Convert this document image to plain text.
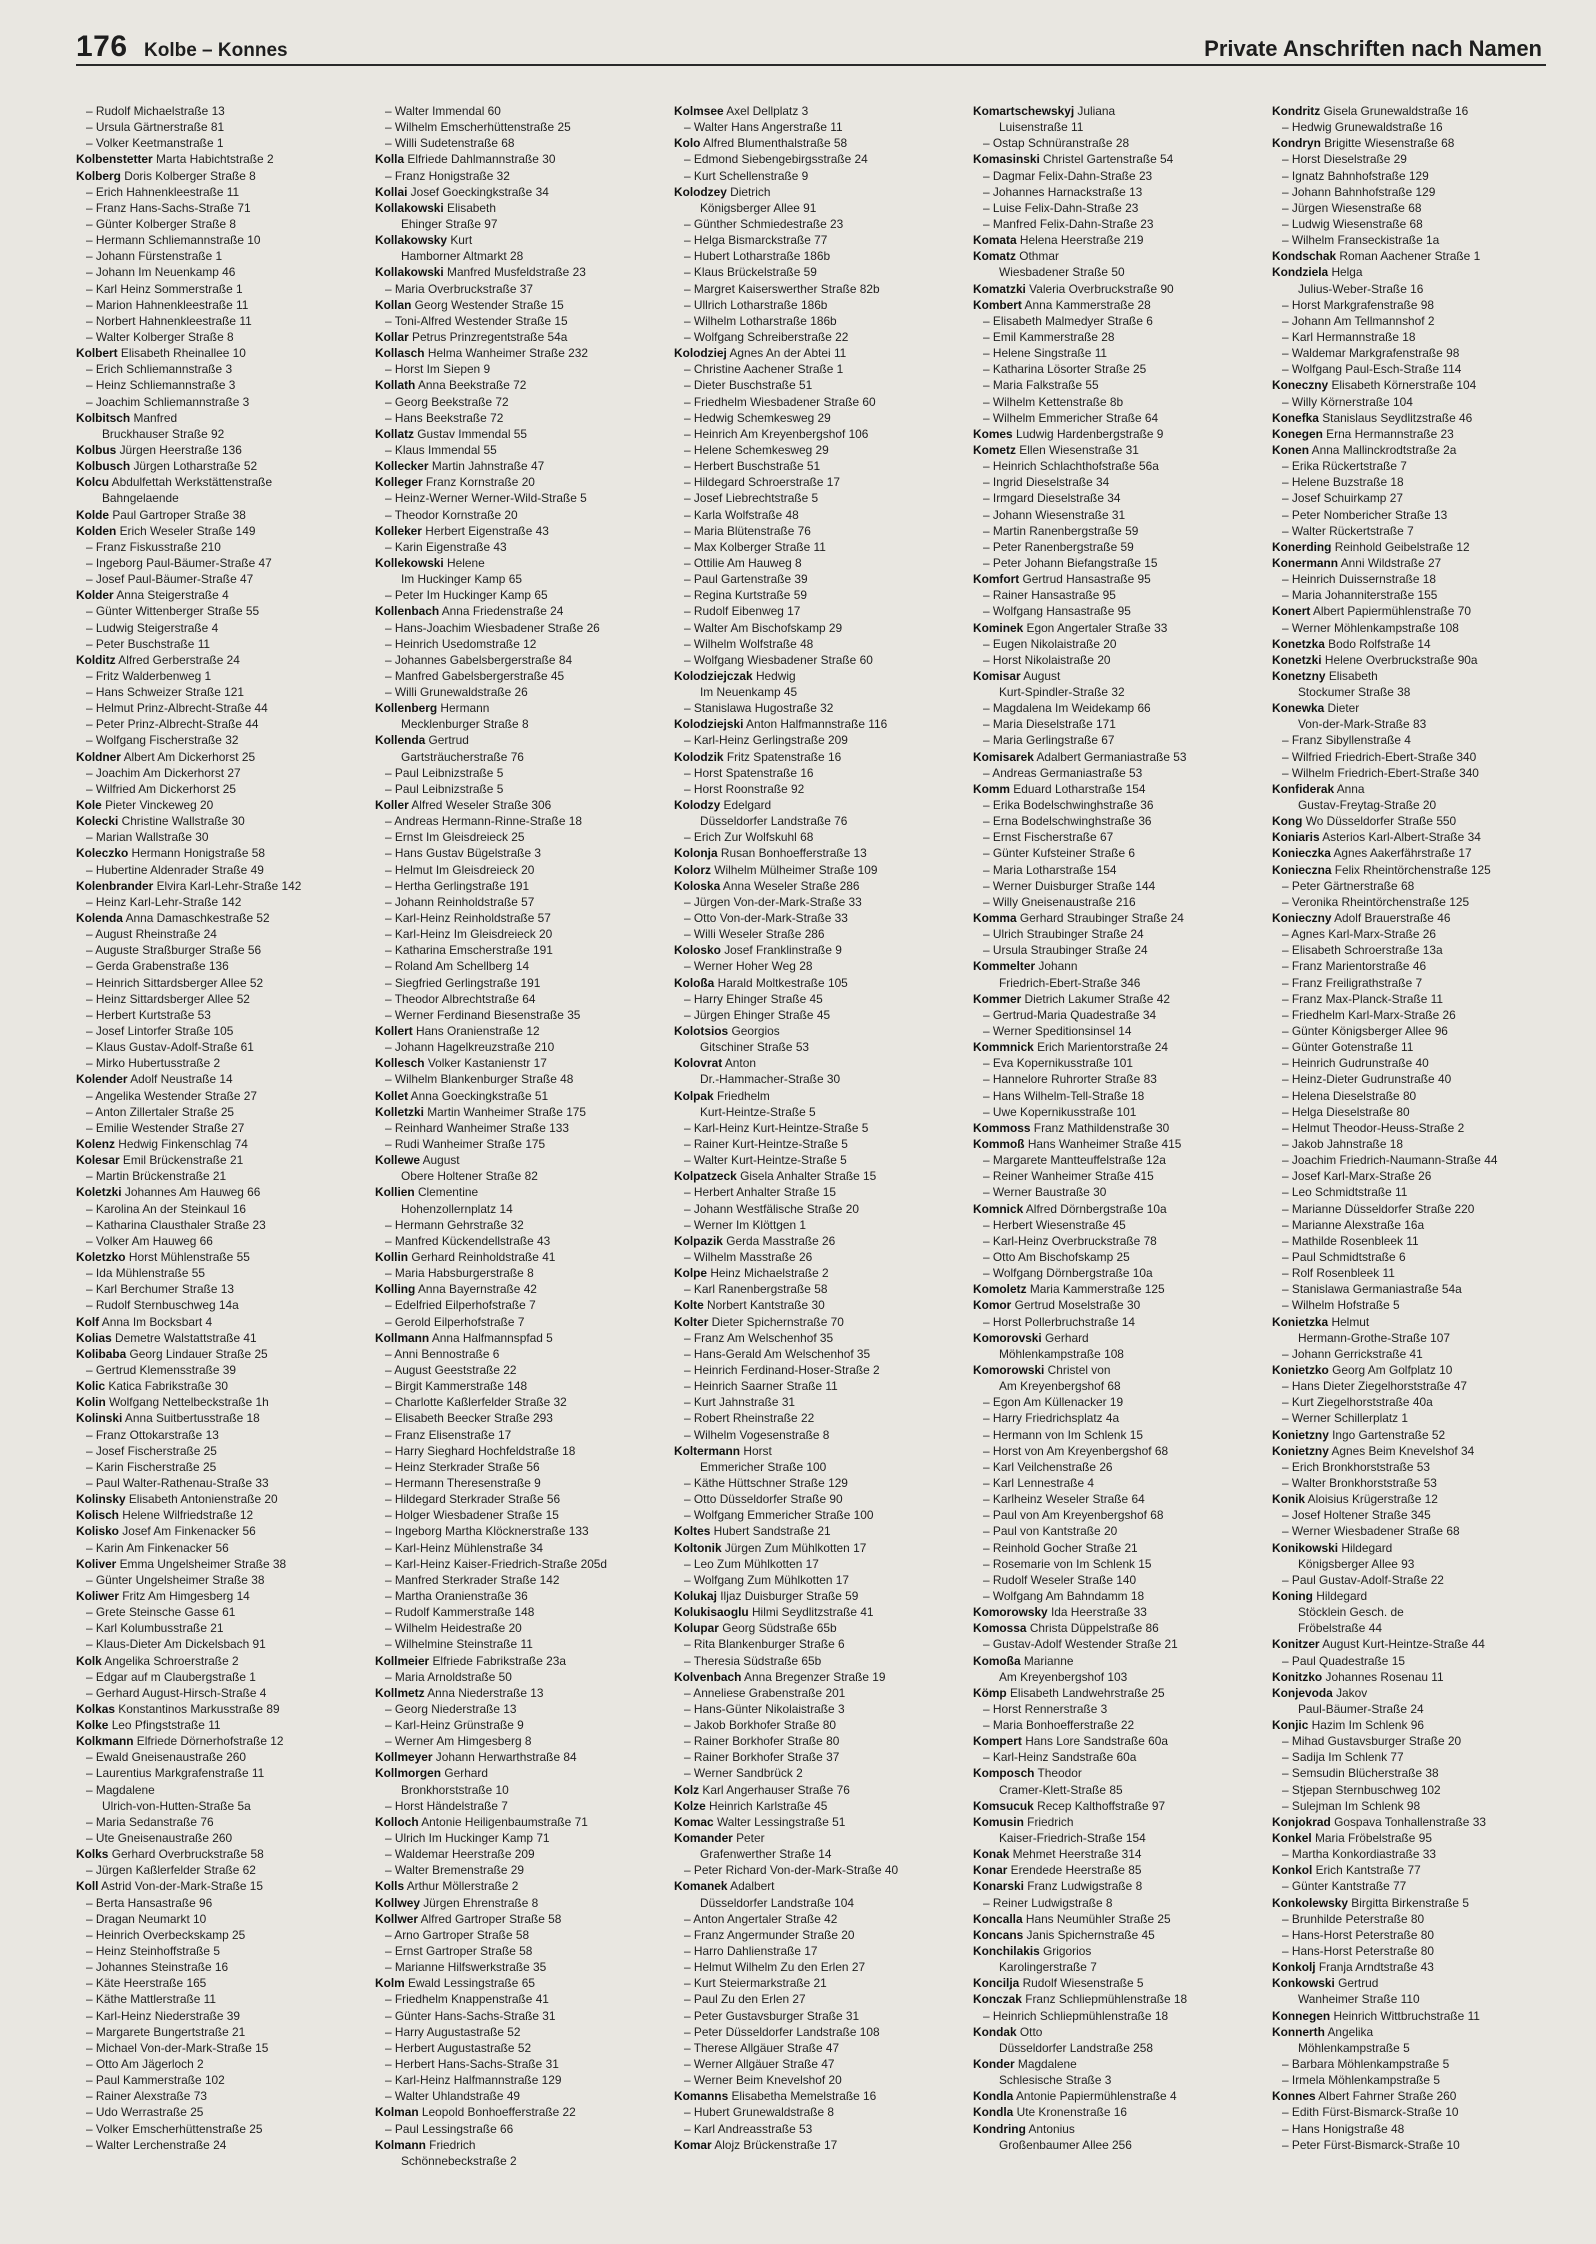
176 Kolbe – Konnes	Private Anschriften nach Namen
– Rudolf Michaelstraße 13
– Ursula Gärtnerstraße 81
– Volker Keetmanstraße 1
Kolbenstetter Marta Habichtstraße 2
Kolberg Doris Kolberger Straße 8
– Erich Hahnenkleestraße 11
– Franz Hans-Sachs-Straße 71
– Günter Kolberger Straße 8
– Hermann Schliemannstraße 10
– Johann Fürstenstraße 1
– Johann Im Neuenkamp 46
– Karl Heinz Sommerstraße 1
– Marion Hahnenkleestraße 11
– Norbert Hahnenkleestraße 11
– Walter Kolberger Straße 8
Kolbert Elisabeth Rheinallee 10
– Erich Schliemannstraße 3
– Heinz Schliemannstraße 3
– Joachim Schliemannstraße 3
Kolbitsch Manfred
Bruckhauser Straße 92
Kolbus Jürgen Heerstraße 136
Kolbusch Jürgen Lotharstraße 52
Kolcu Abdulfettah Werkstättenstraße
Bahngelaende
Kolde Paul Gartroper Straße 38
Kolden Erich Weseler Straße 149
– Franz Fiskusstraße 210
– Ingeborg Paul-Bäumer-Straße 47
– Josef Paul-Bäumer-Straße 47
Kolder Anna Steigerstraße 4
– Günter Wittenberger Straße 55
– Ludwig Steigerstraße 4
– Peter Buschstraße 11
Kolditz Alfred Gerberstraße 24
– Fritz Walderbenweg 1
– Hans Schweizer Straße 121
– Helmut Prinz-Albrecht-Straße 44
– Peter Prinz-Albrecht-Straße 44
– Wolfgang Fischerstraße 32
Koldner Albert Am Dickerhorst 25
– Joachim Am Dickerhorst 27
– Wilfried Am Dickerhorst 25
Kole Pieter Vinckeweg 20
Kolecki Christine Wallstraße 30
– Marian Wallstraße 30
Koleczko Hermann Honigstraße 58
– Hubertine Aldenrader Straße 49
Kolenbrander Elvira Karl-Lehr-Straße 142
– Heinz Karl-Lehr-Straße 142
Kolenda Anna Damaschkestraße 52
– August Rheinstraße 24
– Auguste Straßburger Straße 56
– Gerda Grabenstraße 136
– Heinrich Sittardsberger Allee 52
– Heinz Sittardsberger Allee 52
– Herbert Kurtstraße 53
– Josef Lintorfer Straße 105
– Klaus Gustav-Adolf-Straße 61
– Mirko Hubertusstraße 2
Kolender Adolf Neustraße 14
– Angelika Westender Straße 27
– Anton Zillertaler Straße 25
– Emilie Westender Straße 27
Kolenz Hedwig Finkenschlag 74
Kolesar Emil Brückenstraße 21
– Martin Brückenstraße 21
Koletzki Johannes Am Hauweg 66
– Karolina An der Steinkaul 16
– Katharina Clausthaler Straße 23
– Volker Am Hauweg 66
Koletzko Horst Mühlenstraße 55
– Ida Mühlenstraße 55
– Karl Berchumer Straße 13
– Rudolf Sternbuschweg 14a
Kolf Anna Im Bocksbart 4
Kolias Demetre Walstattstraße 41
Kolibaba Georg Lindauer Straße 25
– Gertrud Klemensstraße 39
Kolic Katica Fabrikstraße 30
Kolin Wolfgang Nettelbeckstraße 1h
Kolinski Anna Suitbertusstraße 18
– Franz Ottokarstraße 13
– Josef Fischerstraße 25
– Karin Fischerstraße 25
– Paul Walter-Rathenau-Straße 33
Kolinsky Elisabeth Antonienstraße 20
Kolisch Helene Wilfriedstraße 12
Kolisko Josef Am Finkenacker 56
– Karin Am Finkenacker 56
Koliver Emma Ungelsheimer Straße 38
– Günter Ungelsheimer Straße 38
Koliwer Fritz Am Himgesberg 14
– Grete Steinsche Gasse 61
– Karl Kolumbusstraße 21
– Klaus-Dieter Am Dickelsbach 91
Kolk Angelika Schroerstraße 2
– Edgar auf m Claubergstraße 1
– Gerhard August-Hirsch-Straße 4
Kolkas Konstantinos Markusstraße 89
Kolke Leo Pfingststraße 11
Kolkmann Elfriede Dörnerhofstraße 12
– Ewald Gneisenaustraße 260
– Laurentius Markgrafenstraße 11
– Magdalene
Ulrich-von-Hutten-Straße 5a
– Maria Sedanstraße 76
– Ute Gneisenaustraße 260
Kolks Gerhard Overbruckstraße 58
– Jürgen Kaßlerfelder Straße 62
Koll Astrid Von-der-Mark-Straße 15
– Berta Hansastraße 96
– Dragan Neumarkt 10
– Heinrich Overbeckskamp 25
– Heinz Steinhoffstraße 5
– Johannes Steinstraße 16
– Käte Heerstraße 165
– Käthe Mattlerstraße 11
– Karl-Heinz Niederstraße 39
– Margarete Bungertstraße 21
– Michael Von-der-Mark-Straße 15
– Otto Am Jägerloch 2
– Paul Kammerstraße 102
– Rainer Alexstraße 73
– Udo Werrastraße 25
– Volker Emscherhüttenstraße 25
– Walter Lerchenstraße 24
– Walter Immendal 60
– Wilhelm Emscherhüttenstraße 25
– Willi Sudetenstraße 68
Kolla Elfriede Dahlmannstraße 30
– Franz Honigstraße 32
Kollai Josef Goeckingkstraße 34
Kollakowski Elisabeth
Ehinger Straße 97
Kollakowsky Kurt
Hamborner Altmarkt 28
Kollakowski Manfred Musfeldstraße 23
– Maria Overbruckstraße 37
Kollan Georg Westender Straße 15
– Toni-Alfred Westender Straße 15
Kollar Petrus Prinzregentstraße 54a
Kollasch Helma Wanheimer Straße 232
– Horst Im Siepen 9
Kollath Anna Beekstraße 72
– Georg Beekstraße 72
– Hans Beekstraße 72
Kollatz Gustav Immendal 55
– Klaus Immendal 55
Kollecker Martin Jahnstraße 47
Kolleger Franz Kornstraße 20
– Heinz-Werner Werner-Wild-Straße 5
– Theodor Kornstraße 20
Kolleker Herbert Eigenstraße 43
– Karin Eigenstraße 43
Kollekowski Helene
Im Huckinger Kamp 65
– Peter Im Huckinger Kamp 65
Kollenbach Anna Friedenstraße 24
– Hans-Joachim Wiesbadener Straße 26
– Heinrich Usedomstraße 12
– Johannes Gabelsbergerstraße 84
– Manfred Gabelsbergerstraße 45
– Willi Grunewaldstraße 26
Kollenberg Hermann
Mecklenburger Straße 8
Kollenda Gertrud
Gartsträucherstraße 76
– Paul Leibnizstraße 5
– Paul Leibnizstraße 5
Koller Alfred Weseler Straße 306
– Andreas Hermann-Rinne-Straße 18
– Ernst Im Gleisdreieck 25
– Hans Gustav Bügelstraße 3
– Helmut Im Gleisdreieck 20
– Hertha Gerlingstraße 191
– Johann Reinholdstraße 57
– Karl-Heinz Reinholdstraße 57
– Karl-Heinz Im Gleisdreieck 20
– Katharina Emscherstraße 191
– Roland Am Schellberg 14
– Siegfried Gerlingstraße 191
– Theodor Albrechtstraße 64
– Werner Ferdinand Biesenstraße 35
Kollert Hans Oranienstraße 12
– Johann Hagelkreuzstraße 210
Kollesch Volker Kastanienstr 17
– Wilhelm Blankenburger Straße 48
Kollet Anna Goeckingkstraße 51
Kolletzki Martin Wanheimer Straße 175
– Reinhard Wanheimer Straße 133
– Rudi Wanheimer Straße 175
Kollewe August
Obere Holtener Straße 82
Kollien Clementine
Hohenzollernplatz 14
– Hermann Gehrstraße 32
– Manfred Kückendellstraße 43
Kollin Gerhard Reinholdstraße 41
– Maria Habsburgerstraße 8
Kolling Anna Bayernstraße 42
– Edelfried Eilperhofstraße 7
– Gerold Eilperhofstraße 7
Kollmann Anna Halfmannspfad 5
– Anni Bennostraße 6
– August Geeststraße 22
– Birgit Kammerstraße 148
– Charlotte Kaßlerfelder Straße 32
– Elisabeth Beecker Straße 293
– Franz Elisenstraße 17
– Harry Sieghard Hochfeldstraße 18
– Heinz Sterkrader Straße 56
– Hermann Theresenstraße 9
– Hildegard Sterkrader Straße 56
– Holger Wiesbadener Straße 15
– Ingeborg Martha Klöcknerstraße 133
– Karl-Heinz Mühlenstraße 34
– Karl-Heinz Kaiser-Friedrich-Straße 205d
– Manfred Sterkrader Straße 142
– Martha Oranienstraße 36
– Rudolf Kammerstraße 148
– Wilhelm Heidestraße 20
– Wilhelmine Steinstraße 11
Kollmeier Elfriede Fabrikstraße 23a
– Maria Arnoldstraße 50
Kollmetz Anna Niederstraße 13
– Georg Niederstraße 13
– Karl-Heinz Grünstraße 9
– Werner Am Himgesberg 8
Kollmeyer Johann Herwarthstraße 84
Kollmorgen Gerhard
Bronkhorststraße 10
– Horst Händelstraße 7
Kolloch Antonie Heiligenbaumstraße 71
– Ulrich Im Huckinger Kamp 71
– Waldemar Heerstraße 209
– Walter Bremenstraße 29
Kolls Arthur Möllerstraße 2
Kollwey Jürgen Ehrenstraße 8
Kollwer Alfred Gartroper Straße 58
– Arno Gartroper Straße 58
– Ernst Gartroper Straße 58
– Marianne Hilfswerkstraße 35
Kolm Ewald Lessingstraße 65
– Friedhelm Knappenstraße 41
– Günter Hans-Sachs-Straße 31
– Harry Augustastraße 52
– Herbert Augustastraße 52
– Herbert Hans-Sachs-Straße 31
– Karl-Heinz Halfmannstraße 129
– Walter Uhlandstraße 49
Kolman Leopold Bonhoefferstraße 22
– Paul Lessingstraße 66
Kolmann Friedrich
Schönnebeckstraße 2
Kolmsee Axel Dellplatz 3
– Walter Hans Angerstraße 11
Kolo Alfred Blumenthalstraße 58
– Edmond Siebengebirgsstraße 24
– Kurt Schellenstraße 9
Kolodzey Dietrich
Königsberger Allee 91
– Günther Schmiedestraße 23
– Helga Bismarckstraße 77
– Hubert Lotharstraße 186b
– Klaus Brückelstraße 59
– Margret Kaiserswerther Straße 82b
– Ullrich Lotharstraße 186b
– Wilhelm Lotharstraße 186b
– Wolfgang Schreiberstraße 22
Kolodziej Agnes An der Abtei 11
– Christine Aachener Straße 1
– Dieter Buschstraße 51
– Friedhelm Wiesbadener Straße 60
– Hedwig Schemkesweg 29
– Heinrich Am Kreyenbergshof 106
– Helene Schemkesweg 29
– Herbert Buschstraße 51
– Hildegard Schroerstraße 17
– Josef Liebrechtstraße 5
– Karla Wolfstraße 48
– Maria Blütenstraße 76
– Max Kolberger Straße 11
– Ottilie Am Hauweg 8
– Paul Gartenstraße 39
– Regina Kurtstraße 59
– Rudolf Eibenweg 17
– Walter Am Bischofskamp 29
– Wilhelm Wolfstraße 48
– Wolfgang Wiesbadener Straße 60
Kolodziejczak Hedwig
Im Neuenkamp 45
– Stanislawa Hugostraße 32
Kolodziejski Anton Halfmannstraße 116
– Karl-Heinz Gerlingstraße 209
Kolodzik Fritz Spatenstraße 16
– Horst Spatenstraße 16
– Horst Roonstraße 92
Kolodzy Edelgard
Düsseldorfer Landstraße 76
– Erich Zur Wolfskuhl 68
Kolonja Rusan Bonhoefferstraße 13
Kolorz Wilhelm Mülheimer Straße 109
Koloska Anna Weseler Straße 286
– Jürgen Von-der-Mark-Straße 33
– Otto Von-der-Mark-Straße 33
– Willi Weseler Straße 286
Kolosko Josef Franklinstraße 9
– Werner Hoher Weg 28
Koloßa Harald Moltkestraße 105
– Harry Ehinger Straße 45
– Jürgen Ehinger Straße 45
Kolotsios Georgios
Gitschiner Straße 53
Kolovrat Anton
Dr.-Hammacher-Straße 30
Kolpak Friedhelm
Kurt-Heintze-Straße 5
– Karl-Heinz Kurt-Heintze-Straße 5
– Rainer Kurt-Heintze-Straße 5
– Walter Kurt-Heintze-Straße 5
Kolpatzeck Gisela Anhalter Straße 15
– Herbert Anhalter Straße 15
– Johann Westfälische Straße 20
– Werner Im Klöttgen 1
Kolpazik Gerda Masstraße 26
– Wilhelm Masstraße 26
Kolpe Heinz Michaelstraße 2
– Karl Ranenbergstraße 58
Kolte Norbert Kantstraße 30
Kolter Dieter Spichernstraße 70
– Franz Am Welschenhof 35
– Hans-Gerald Am Welschenhof 35
– Heinrich Ferdinand-Hoser-Straße 2
– Heinrich Saarner Straße 11
– Kurt Jahnstraße 31
– Robert Rheinstraße 22
– Wilhelm Vogesenstraße 8
Koltermann Horst
Emmericher Straße 100
– Käthe Hüttschner Straße 129
– Otto Düsseldorfer Straße 90
– Wolfgang Emmericher Straße 100
Koltes Hubert Sandstraße 21
Koltonik Jürgen Zum Mühlkotten 17
– Leo Zum Mühlkotten 17
– Wolfgang Zum Mühlkotten 17
Kolukaj Iljaz Duisburger Straße 59
Kolukisaoglu Hilmi Seydlitzstraße 41
Kolupar Georg Südstraße 65b
– Rita Blankenburger Straße 6
– Theresia Südstraße 65b
Kolvenbach Anna Bregenzer Straße 19
– Anneliese Grabenstraße 201
– Hans-Günter Nikolaistraße 3
– Jakob Borkhofer Straße 80
– Rainer Borkhofer Straße 80
– Rainer Borkhofer Straße 37
– Werner Sandbrück 2
Kolz Karl Angerhauser Straße 76
Kolze Heinrich Karlstraße 45
Komac Walter Lessingstraße 51
Komander Peter
Grafenwerther Straße 14
– Peter Richard Von-der-Mark-Straße 40
Komanek Adalbert
Düsseldorfer Landstraße 104
– Anton Angertaler Straße 42
– Franz Angermunder Straße 20
– Harro Dahlienstraße 17
– Helmut Wilhelm Zu den Erlen 27
– Kurt Steiermarkstraße 21
– Paul Zu den Erlen 27
– Peter Gustavsburger Straße 31
– Peter Düsseldorfer Landstraße 108
– Therese Allgäuer Straße 47
– Werner Allgäuer Straße 47
– Werner Beim Knevelshof 20
Komanns Elisabetha Memelstraße 16
– Hubert Grunewaldstraße 8
– Karl Andreasstraße 53
Komar Alojz Brückenstraße 17
Komartschewskyj Juliana
Luisenstraße 11
– Ostap Schnüranstraße 28
Komasinski Christel Gartenstraße 54
– Dagmar Felix-Dahn-Straße 23
– Johannes Harnackstraße 13
– Luise Felix-Dahn-Straße 23
– Manfred Felix-Dahn-Straße 23
Komata Helena Heerstraße 219
Komatz Othmar
Wiesbadener Straße 50
Komatzki Valeria Overbruckstraße 90
Kombert Anna Kammerstraße 28
– Elisabeth Malmedyer Straße 6
– Emil Kammerstraße 28
– Helene Singstraße 11
– Katharina Lösorter Straße 25
– Maria Falkstraße 55
– Wilhelm Kettenstraße 8b
– Wilhelm Emmericher Straße 64
Komes Ludwig Hardenbergstraße 9
Kometz Ellen Wiesenstraße 31
– Heinrich Schlachthofstraße 56a
– Ingrid Dieselstraße 34
– Irmgard Dieselstraße 34
– Johann Wiesenstraße 31
– Martin Ranenbergstraße 59
– Peter Ranenbergstraße 59
– Peter Johann Biefangstraße 15
Komfort Gertrud Hansastraße 95
– Rainer Hansastraße 95
– Wolfgang Hansastraße 95
Kominek Egon Angertaler Straße 33
– Eugen Nikolaistraße 20
– Horst Nikolaistraße 20
Komisar August
Kurt-Spindler-Straße 32
– Magdalena Im Weidekamp 66
– Maria Dieselstraße 171
– Maria Gerlingstraße 67
Komisarek Adalbert Germaniastraße 53
– Andreas Germaniastraße 53
Komm Eduard Lotharstraße 154
– Erika Bodelschwinghstraße 36
– Erna Bodelschwinghstraße 36
– Ernst Fischerstraße 67
– Günter Kufsteiner Straße 6
– Maria Lotharstraße 154
– Werner Duisburger Straße 144
– Willy Gneisenaustraße 216
Komma Gerhard Straubinger Straße 24
– Ulrich Straubinger Straße 24
– Ursula Straubinger Straße 24
Kommelter Johann
Friedrich-Ebert-Straße 346
Kommer Dietrich Lakumer Straße 42
– Gertrud-Maria Quadestraße 34
– Werner Speditionsinsel 14
Kommnick Erich Marientorstraße 24
– Eva Kopernikusstraße 101
– Hannelore Ruhrorter Straße 83
– Hans Wilhelm-Tell-Straße 18
– Uwe Kopernikusstraße 101
Kommoss Franz Mathildenstraße 30
Kommoß Hans Wanheimer Straße 415
– Margarete Mantteuffelstraße 12a
– Reiner Wanheimer Straße 415
– Werner Baustraße 30
Komnick Alfred Dörnbergstraße 10a
– Herbert Wiesenstraße 45
– Karl-Heinz Overbruckstraße 78
– Otto Am Bischofskamp 25
– Wolfgang Dörnbergstraße 10a
Komoletz Maria Kammerstraße 125
Komor Gertrud Moselstraße 30
– Horst Pollerbruchstraße 14
Komorovski Gerhard
Möhlenkampstraße 108
Komorowski Christel von
Am Kreyenbergshof 68
– Egon Am Küllenacker 19
– Harry Friedrichsplatz 4a
– Hermann von Im Schlenk 15
– Horst von Am Kreyenbergshof 68
– Karl Veilchenstraße 26
– Karl Lennestraße 4
– Karlheinz Weseler Straße 64
– Paul von Am Kreyenbergshof 68
– Paul von Kantstraße 20
– Reinhold Gocher Straße 21
– Rosemarie von Im Schlenk 15
– Rudolf Weseler Straße 140
– Wolfgang Am Bahndamm 18
Komorowsky Ida Heerstraße 33
Komossa Christa Düppelstraße 86
– Gustav-Adolf Westender Straße 21
Komoßa Marianne
Am Kreyenbergshof 103
Kömp Elisabeth Landwehrstraße 25
– Horst Rennerstraße 3
– Maria Bonhoefferstraße 22
Kompert Hans Lore Sandstraße 60a
– Karl-Heinz Sandstraße 60a
Komposch Theodor
Cramer-Klett-Straße 85
Komsucuk Recep Kalthoffstraße 97
Komusin Friedrich
Kaiser-Friedrich-Straße 154
Konak Mehmet Heerstraße 314
Konar Erendede Heerstraße 85
Konarski Franz Ludwigstraße 8
– Reiner Ludwigstraße 8
Koncalla Hans Neumühler Straße 25
Koncans Janis Spichernstraße 45
Konchilakis Grigorios
Karolingerstraße 7
Koncilja Rudolf Wiesenstraße 5
Konczak Franz Schliepmühlenstraße 18
– Heinrich Schliepmühlenstraße 18
Kondak Otto
Düsseldorfer Landstraße 258
Konder Magdalene
Schlesische Straße 3
Kondla Antonie Papiermühlenstraße 4
Kondla Ute Kronenstraße 16
Kondring Antonius
Großenbaumer Allee 256
Kondritz Gisela Grunewaldstraße 16
– Hedwig Grunewaldstraße 16
Kondryn Brigitte Wiesenstraße 68
– Horst Dieselstraße 29
– Ignatz Bahnhofstraße 129
– Johann Bahnhofstraße 129
– Jürgen Wiesenstraße 68
– Ludwig Wiesenstraße 68
– Wilhelm Franseckistraße 1a
Kondschak Roman Aachener Straße 1
Kondziela Helga
Julius-Weber-Straße 16
– Horst Markgrafenstraße 98
– Johann Am Tellmannshof 2
– Karl Hermannstraße 18
– Waldemar Markgrafenstraße 98
– Wolfgang Paul-Esch-Straße 114
Koneczny Elisabeth Körnerstraße 104
– Willy Körnerstraße 104
Konefka Stanislaus Seydlitzstraße 46
Konegen Erna Hermannstraße 23
Konen Anna Mallinckrodtstraße 2a
– Erika Rückertstraße 7
– Helene Buzstraße 18
– Josef Schuirkamp 27
– Peter Nombericher Straße 13
– Walter Rückertstraße 7
Konerding Reinhold Geibelstraße 12
Konermann Anni Wildstraße 27
– Heinrich Duissernstraße 18
– Maria Johanniterstraße 155
Konert Albert Papiermühlenstraße 70
– Werner Möhlenkampstraße 108
Konetzka Bodo Rolfstraße 14
Konetzki Helene Overbruckstraße 90a
Konetzny Elisabeth
Stockumer Straße 38
Konewka Dieter
Von-der-Mark-Straße 83
– Franz Sibyllenstraße 4
– Wilfried Friedrich-Ebert-Straße 340
– Wilhelm Friedrich-Ebert-Straße 340
Konfiderak Anna
Gustav-Freytag-Straße 20
Kong Wo Düsseldorfer Straße 550
Koniaris Asterios Karl-Albert-Straße 34
Konieczka Agnes Aakerfährstraße 17
Konieczna Felix Rheintörchenstraße 125
– Peter Gärtnerstraße 68
– Veronika Rheintörchenstraße 125
Konieczny Adolf Brauerstraße 46
– Agnes Karl-Marx-Straße 26
– Elisabeth Schroerstraße 13a
– Franz Marientorstraße 46
– Franz Freiligrathstraße 7
– Franz Max-Planck-Straße 11
– Friedhelm Karl-Marx-Straße 26
– Günter Königsberger Allee 96
– Günter Gotenstraße 11
– Heinrich Gudrunstraße 40
– Heinz-Dieter Gudrunstraße 40
– Helena Dieselstraße 80
– Helga Dieselstraße 80
– Helmut Theodor-Heuss-Straße 2
– Jakob Jahnstraße 18
– Joachim Friedrich-Naumann-Straße 44
– Josef Karl-Marx-Straße 26
– Leo Schmidtstraße 11
– Marianne Düsseldorfer Straße 220
– Marianne Alexstraße 16a
– Mathilde Rosenbleek 11
– Paul Schmidtstraße 6
– Rolf Rosenbleek 11
– Stanislawa Germaniastraße 54a
– Wilhelm Hofstraße 5
Konietzka Helmut
Hermann-Grothe-Straße 107
– Johann Gerrickstraße 41
Konietzko Georg Am Golfplatz 10
– Hans Dieter Ziegelhorststraße 47
– Kurt Ziegelhorststraße 40a
– Werner Schillerplatz 1
Konietzny Ingo Gartenstraße 52
Konietzny Agnes Beim Knevelshof 34
– Erich Bronkhorststraße 53
– Walter Bronkhorststraße 53
Konik Aloisius Krügerstraße 12
– Josef Holtener Straße 345
– Werner Wiesbadener Straße 68
Konikowski Hildegard
Königsberger Allee 93
– Paul Gustav-Adolf-Straße 22
Koning Hildegard
Stöcklein Gesch. de
Fröbelstraße 44
Konitzer August Kurt-Heintze-Straße 44
– Paul Quadestraße 15
Konitzko Johannes Rosenau 11
Konjevoda Jakov
Paul-Bäumer-Straße 24
Konjic Hazim Im Schlenk 96
– Mihad Gustavsburger Straße 20
– Sadija Im Schlenk 77
– Semsudin Blücherstraße 38
– Stjepan Sternbuschweg 102
– Sulejman Im Schlenk 98
Konjokrad Gospava Tonhallenstraße 33
Konkel Maria Fröbelstraße 95
– Martha Konkordiastraße 33
Konkol Erich Kantstraße 77
– Günter Kantstraße 77
Konkolewsky Birgitta Birkenstraße 5
– Brunhilde Peterstraße 80
– Hans-Horst Peterstraße 80
– Hans-Horst Peterstraße 80
Konkolj Franja Arndtstraße 43
Konkowski Gertrud
Wanheimer Straße 110
Konnegen Heinrich Wittbruchstraße 11
Konnerth Angelika
Möhlenkampstraße 5
– Barbara Möhlenkampstraße 5
– Irmela Möhlenkampstraße 5
Konnes Albert Fahrner Straße 260
– Edith Fürst-Bismarck-Straße 10
– Hans Honigstraße 48
– Peter Fürst-Bismarck-Straße 10
